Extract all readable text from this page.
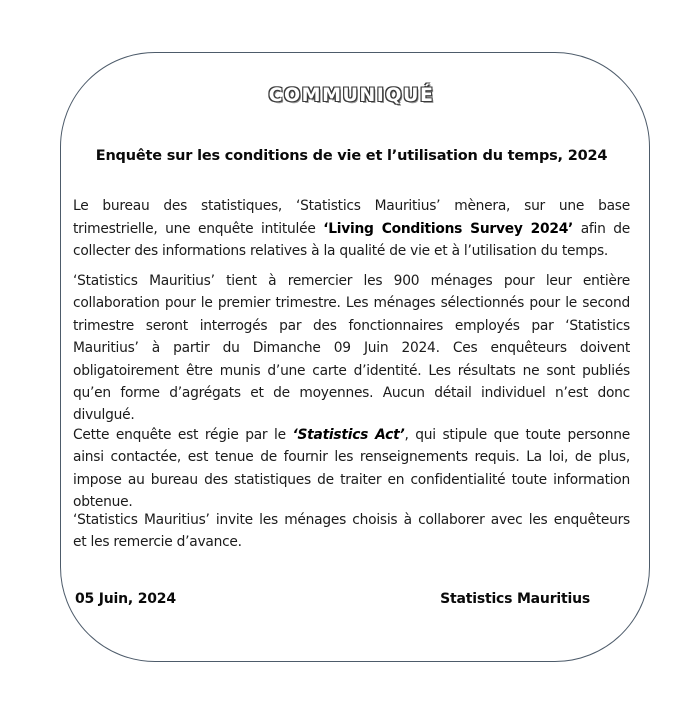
COMMUNIQUÉ
Enquête sur les conditions de vie et l’utilisation du temps, 2024
Le bureau des statistiques, ‘Statistics Mauritius’ mènera, sur une base
trimestrielle, une enquête intitulée ‘Living Conditions Survey 2024’ afin de
collecter des informations relatives à la qualité de vie et à l’utilisation du temps.
‘Statistics Mauritius’ tient à remercier les 900 ménages pour leur entière
collaboration pour le premier trimestre. Les ménages sélectionnés pour le second
trimestre seront interrogés par des fonctionnaires employés par ‘Statistics
Mauritius’ à partir du Dimanche 09 Juin 2024. Ces enquêteurs doivent
obligatoirement être munis d’une carte d’identité. Les résultats ne sont publiés
qu’en forme d’agrégats et de moyennes. Aucun détail individuel n’est donc
divulgué.
Cette enquête est régie par le ‘Statistics Act’, qui stipule que toute personne
ainsi contactée, est tenue de fournir les renseignements requis. La loi, de plus,
impose au bureau des statistiques de traiter en confidentialité toute information
obtenue.
‘Statistics Mauritius’ invite les ménages choisis à collaborer avec les enquêteurs
et les remercie d’avance.
05 Juin, 2024	Statistics Mauritius
